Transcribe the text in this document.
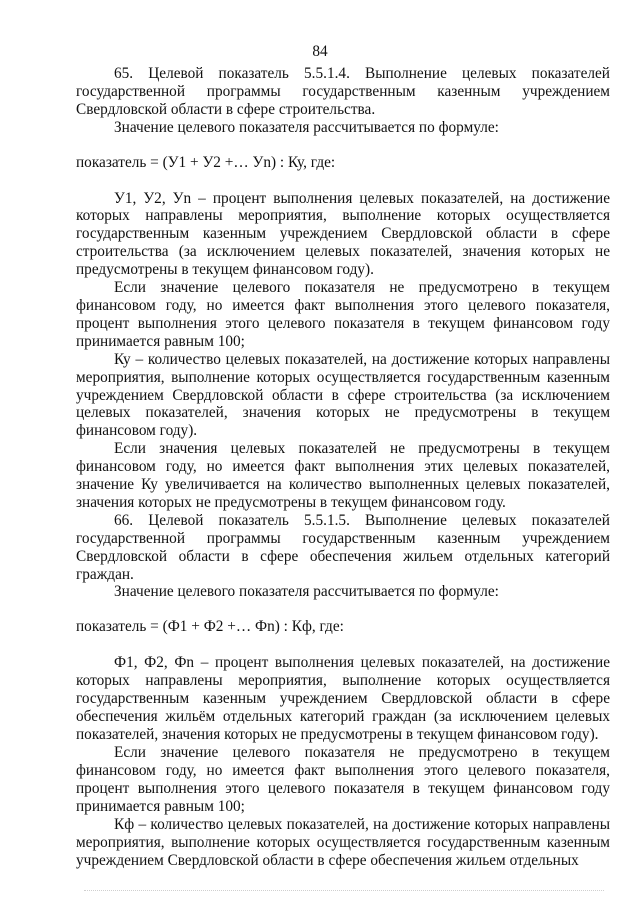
84

65. Целевой показатель 5.5.1.4. Выполнение целевых показателей

государственной программы государственным казенным учреждением Свердловской области в сфере строительства.

Значение целевого показателя рассчитывается по формуле:

показатель = (У1 + У2 +… Уn) : Ку, где:

У1, У2, Уn – процент выполнения целевых показателей, на достижение которых направлены мероприятия, выполнение которых осуществляется государственным казенным учреждением Свердловской области в сфере строительства (за исключением целевых показателей, значения которых не предусмотрены в текущем финансовом году).

Если значение целевого показателя не предусмотрено в текущем финансовом году, но имеется факт выполнения этого целевого показателя, процент выполнения этого целевого показателя в текущем финансовом году принимается равным 100;

Ку – количество целевых показателей, на достижение которых направлены мероприятия, выполнение которых осуществляется государственным казенным учреждением Свердловской области в сфере строительства (за исключением целевых показателей, значения которых не предусмотрены в текущем финансовом году).

Если значения целевых показателей не предусмотрены в текущем финансовом году, но имеется факт выполнения этих целевых показателей, значение Ку увеличивается на количество выполненных целевых показателей, значения которых не предусмотрены в текущем финансовом году.

66. Целевой показатель 5.5.1.5. Выполнение целевых показателей

государственной программы государственным казенным учреждением Свердловской области в сфере обеспечения жильем отдельных категорий граждан.

Значение целевого показателя рассчитывается по формуле:

показатель = (Ф1 + Ф2 +… Фn) : Кф, где:

Ф1, Ф2, Фn – процент выполнения целевых показателей, на достижение которых направлены мероприятия, выполнение которых осуществляется государственным казенным учреждением Свердловской области в сфере обеспечения жильём отдельных категорий граждан (за исключением целевых показателей, значения которых не предусмотрены в текущем финансовом году).

Если значение целевого показателя не предусмотрено в текущем финансовом году, но имеется факт выполнения этого целевого показателя, процент выполнения этого целевого показателя в текущем финансовом году принимается равным 100;

Кф – количество целевых показателей, на достижение которых направлены мероприятия, выполнение которых осуществляется государственным казенным учреждением Свердловской области в сфере обеспечения жильем отдельных
